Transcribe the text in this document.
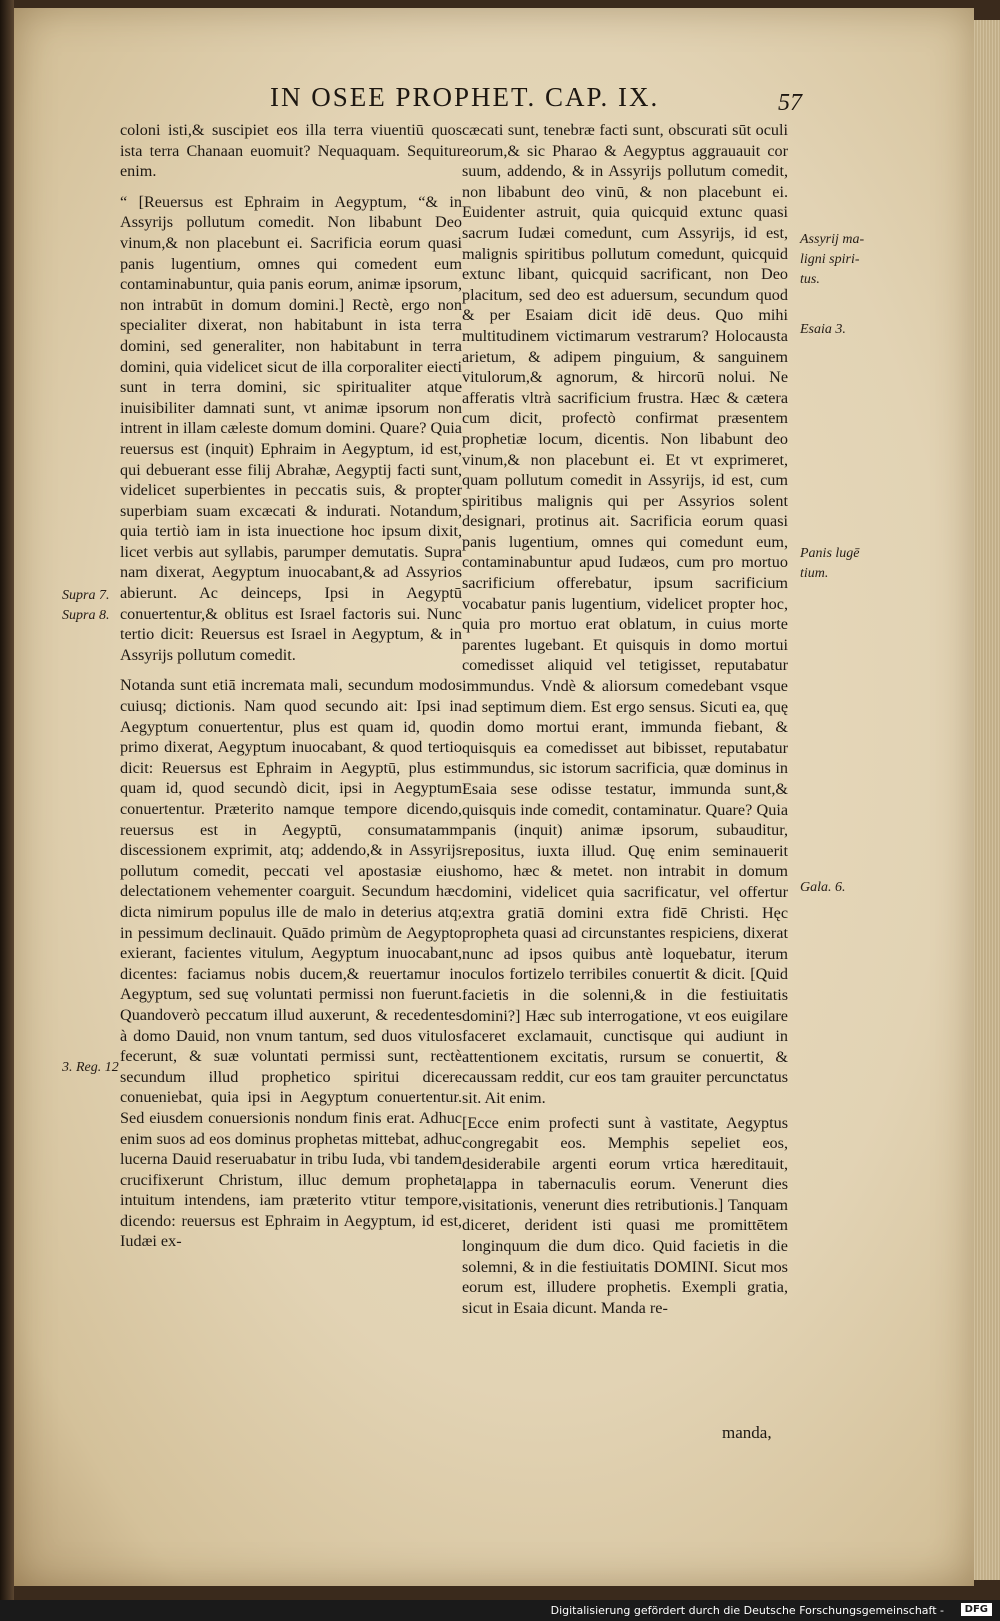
IN OSEE PROPHET. CAP. IX.	57

coloni isti,& suscipiet eos illa terra viuentiū quos ista terra Chanaan euomuit? Nequaquam. Sequitur enim.

“ [Reuersus est Ephraim in Aegyptum, “& in Assyrijs pollutum comedit. Non libabunt Deo vinum,& non placebunt ei. Sacrificia eorum quasi panis lugentium, omnes qui comedent eum contaminabuntur, quia panis eorum, animæ ipsorum, non intrabūt in domum domini.] Rectè, ergo non specialiter dixerat, non habitabunt in ista terra domini, sed generaliter, non habitabunt in terra domini, quia videlicet sicut de illa corporaliter eiecti sunt in terra domini, sic spiritualiter atque inuisibiliter damnati sunt, vt animæ ipsorum non intrent in illam cæleste domum domini. Quare? Quia reuersus est (inquit) Ephraim in Aegyptum, id est, qui debuerant esse filij Abrahæ, Aegyptij facti sunt, videlicet superbientes in peccatis suis, & propter superbiam suam excæcati & indurati. Notandum, quia tertiò iam in ista inuectione hoc ipsum dixit, licet verbis aut syllabis, parumper demutatis. Supra nam dixerat, Aegyptum inuocabant,& ad Assyrios abierunt. Ac deinceps, Ipsi in Aegyptū conuertentur,& oblitus est Israel factoris sui. Nunc tertio dicit: Reuersus est Israel in Aegyptum, & in Assyrijs pollutum comedit.

Notanda sunt etiā incremata mali, secundum modos cuiusq; dictionis. Nam quod secundo ait: Ipsi in Aegyptum conuertentur, plus est quam id, quod primo dixerat, Aegyptum inuocabant, & quod tertio dicit: Reuersus est Ephraim in Aegyptū, plus est quam id, quod secundò dicit, ipsi in Aegyptum conuertentur. Præterito namque tempore dicendo, reuersus est in Aegyptū, consumatamm discessionem exprimit, atq; addendo,& in Assyrijs pollutum comedit, peccati vel apostasiæ eius delectationem vehementer coarguit. Secundum hæc dicta nimirum populus ille de malo in deterius atq; in pessimum declinauit. Quādo primùm de Aegypto exierant, facientes vitulum, Aegyptum inuocabant, dicentes: faciamus nobis ducem,& reuertamur in Aegyptum, sed suę voluntati permissi non fuerunt. Quandoverò peccatum illud auxerunt, & recedentes à domo Dauid, non vnum tantum, sed duos vitulos fecerunt, & suæ voluntati permissi sunt, rectè secundum illud prophetico spiritui dicere conueniebat, quia ipsi in Aegyptum conuertentur. Sed eiusdem conuersionis nondum finis erat. Adhuc enim suos ad eos dominus prophetas mittebat, adhuc lucerna Dauid reseruabatur in tribu Iuda, vbi tandem crucifixerunt Christum, illuc demum propheta intuitum intendens, iam præterito vtitur tempore, dicendo: reuersus est Ephraim in Aegyptum, id est, Iudæi ex-

cæcati sunt, tenebræ facti sunt, obscurati sūt oculi eorum,& sic Pharao & Aegyptus aggrauauit cor suum, addendo, & in Assyrijs pollutum comedit, non libabunt deo vinū, & non placebunt ei. Euidenter astruit, quia quicquid extunc quasi sacrum Iudæi comedunt, cum Assyrijs, id est, malignis spiritibus pollutum comedunt, quicquid extunc libant, quicquid sacrificant, non Deo placitum, sed deo est aduersum, secundum quod & per Esaiam dicit idē deus. Quo mihi multitudinem victimarum vestrarum? Holocausta arietum, & adipem pinguium, & sanguinem vitulorum,& agnorum, & hircorū nolui. Ne afferatis vltrà sacrificium frustra. Hæc & cætera cum dicit, profectò confirmat præsentem prophetiæ locum, dicentis. Non libabunt deo vinum,& non placebunt ei. Et vt exprimeret, quam pollutum comedit in Assyrijs, id est, cum spiritibus malignis qui per Assyrios solent designari, protinus ait. Sacrificia eorum quasi panis lugentium, omnes qui comedunt eum, contaminabuntur apud Iudæos, cum pro mortuo sacrificium offerebatur, ipsum sacrificium vocabatur panis lugentium, videlicet propter hoc, quia pro mortuo erat oblatum, in cuius morte parentes lugebant. Et quisquis in domo mortui comedisset aliquid vel tetigisset, reputabatur immundus. Vndè & aliorsum comedebant vsque ad septimum diem. Est ergo sensus. Sicuti ea, quę in domo mortui erant, immunda fiebant, & quisquis ea comedisset aut bibisset, reputabatur immundus, sic istorum sacrificia, quæ dominus in Esaia sese odisse testatur, immunda sunt,& quisquis inde comedit, contaminatur. Quare? Quia panis (inquit) animæ ipsorum, subauditur, repositus, iuxta illud. Quę enim seminauerit homo, hæc & metet. non intrabit in domum domini, videlicet quia sacrificatur, vel offertur extra gratiā domini extra fidē Christi. Hęc propheta quasi ad circunstantes respiciens, dixerat nunc ad ipsos quibus antè loquebatur, iterum oculos fortizelo terribiles conuertit & dicit. [Quid facietis in die solenni,& in die festiuitatis domini?] Hæc sub interrogatione, vt eos euigilare faceret exclamauit, cunctisque qui audiunt in attentionem excitatis, rursum se conuertit, & caussam reddit, cur eos tam grauiter percunctatus sit. Ait enim.

[Ecce enim profecti sunt à vastitate, Aegyptus congregabit eos. Memphis sepeliet eos, desiderabile argenti eorum vrtica hæreditauit, lappa in tabernaculis eorum. Venerunt dies visitationis, venerunt dies retributionis.] Tanquam diceret, derident isti quasi me promittētem longinquum die dum dico. Quid facietis in die solemni, & in die festiuitatis DOMINI. Sicut mos eorum est, illudere prophetis. Exempli gratia, sicut in Esaia dicunt. Manda re-

manda,
Supra 7.
Supra 8.
3. Reg. 12
Assyrij ma-
ligni spiri-
tus.
Esaia 3.
Panis lugē
tium.
Gala. 6.
Digitalisierung gefördert durch die Deutsche Forschungsgemeinschaft -	DFG
